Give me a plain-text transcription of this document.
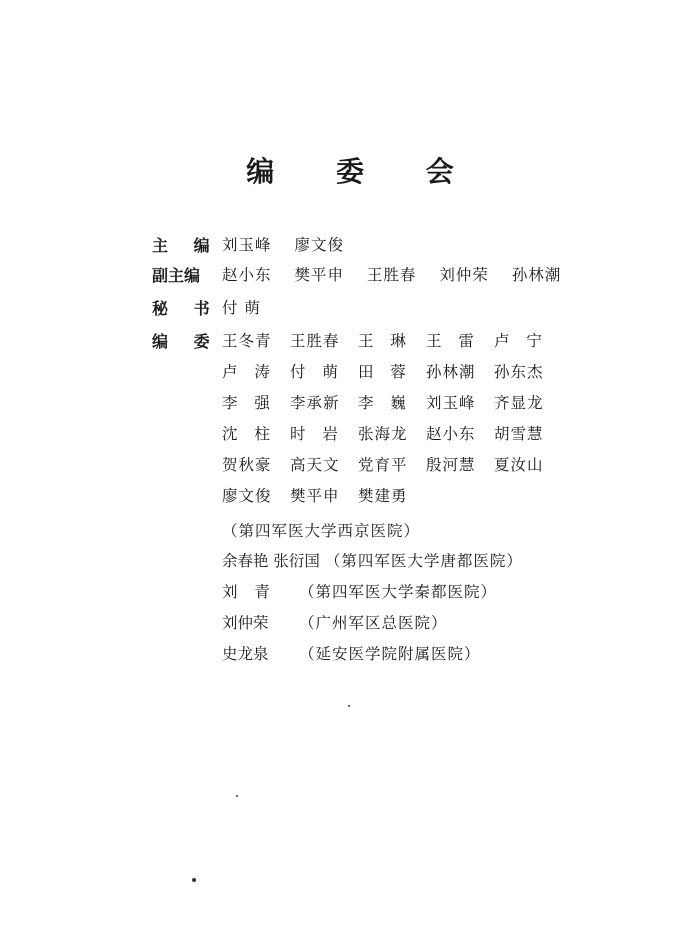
编 委 会
主 编 刘玉峰 廖文俊
副主编	赵小东 樊平申 王胜春 刘仲荣 孙林潮
秘 书 付 萌
编 委 王冬青 王胜春 王 琳 王 雷 卢 宁
卢 涛 付 萌 田 蓉 孙林潮 孙东杰
李 强 李承新 李 巍 刘玉峰 齐显龙
沈 柱 时 岩 张海龙 赵小东 胡雪慧
贺秋豪 高天文 党育平 殷河慧 夏汝山
廖文俊 樊平申 樊建勇
（第四军医大学西京医院）
余春艳 张衍国 （第四军医大学唐都医院）
刘 青 （第四军医大学秦都医院）
刘仲荣 （广州军区总医院）
史龙泉 （延安医学院附属医院）
